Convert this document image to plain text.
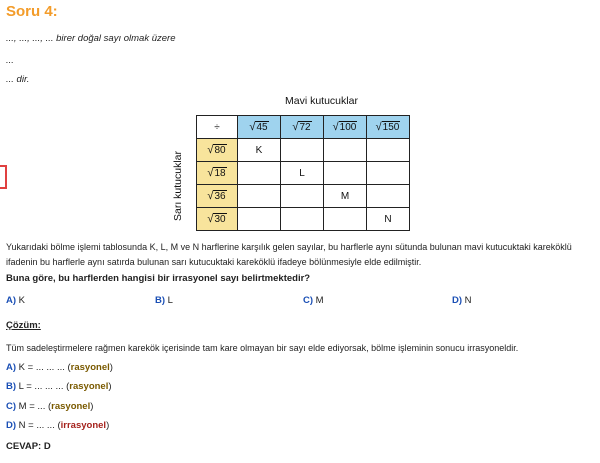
Soru 4:
..., ..., ..., ... birer doğal sayı olmak üzere
...
... dir.
Mavi kutucuklar
Sarı kutucuklar
÷	√45	√72	√100	√150
√80	K			
√18		L		
√36			M	
√30				N
Yukarıdaki bölme işlemi tablosunda K, L, M ve N harflerine karşılık gelen sayılar, bu harflerle aynı sütunda bulunan mavi kutucuktaki kareköklü ifadenin bu harflerle aynı satırda bulunan sarı kutucuktaki kareköklü ifadeye bölünmesiyle elde edilmiştir.
Buna göre, bu harflerden hangisi bir irrasyonel sayı belirtmektedir?
A) K	B) L	C) M	D) N
Çözüm:
Tüm sadeleştirmelere rağmen karekök içerisinde tam kare olmayan bir sayı elde ediyorsak, bölme işleminin sonucu irrasyoneldir.
A) K = ... ... ... (rasyonel)
B) L = ... ... ... (rasyonel)
C) M = ... (rasyonel)
D) N = ... ... (irrasyonel)
CEVAP: D
